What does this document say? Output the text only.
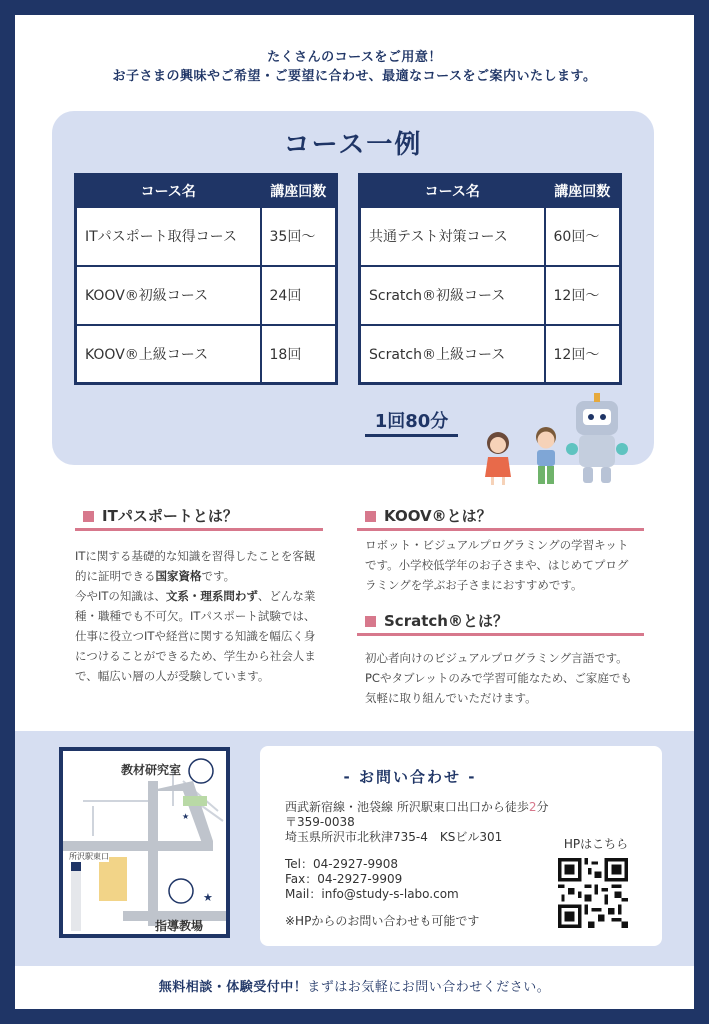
たくさんのコースをご用意！
お子さまの興味やご希望・ご要望に合わせ、最適なコースをご案内いたします。
コース一例
コース名	講座回数
ITパスポート取得コース	35回～
KOOV®初級コース	24回
KOOV®上級コース	18回
コース名	講座回数
共通テスト対策コース	60回～
Scratch®初級コース	12回～
Scratch®上級コース	12回～
1回80分
ITパスポートとは？
ITに関する基礎的な知識を習得したことを客観的に証明できる国家資格です。
今やITの知識は、文系・理系問わず、どんな業種・職種でも不可欠。ITパスポート試験では、仕事に役立つITや経営に関する知識を幅広く身につけることができるため、学生から社会人まで、幅広い層の人が受験しています。
KOOV®とは？
ロボット・ビジュアルプログラミングの学習キットです。小学校低学年のお子さまや、はじめてプログラミングを学ぶお子さまにおすすめです。
Scratch®とは？
初心者向けのビジュアルプログラミング言語です。PCやタブレットのみで学習可能なため、ご家庭でも気軽に取り組んでいただけます。
★
★
教材研究室
指導教場
所沢駅東口
- お問い合わせ -
西武新宿線・池袋線 所沢駅東口出口から徒歩2分
〒359-0038
埼玉県所沢市北秋津735-4　KSビル301
Tel：04-2927-9908
Fax：04-2927-9909
Mail：info@study-s-labo.com
※HPからのお問い合わせも可能です
HPはこちら
無料相談・体験受付中！まずはお気軽にお問い合わせください。
